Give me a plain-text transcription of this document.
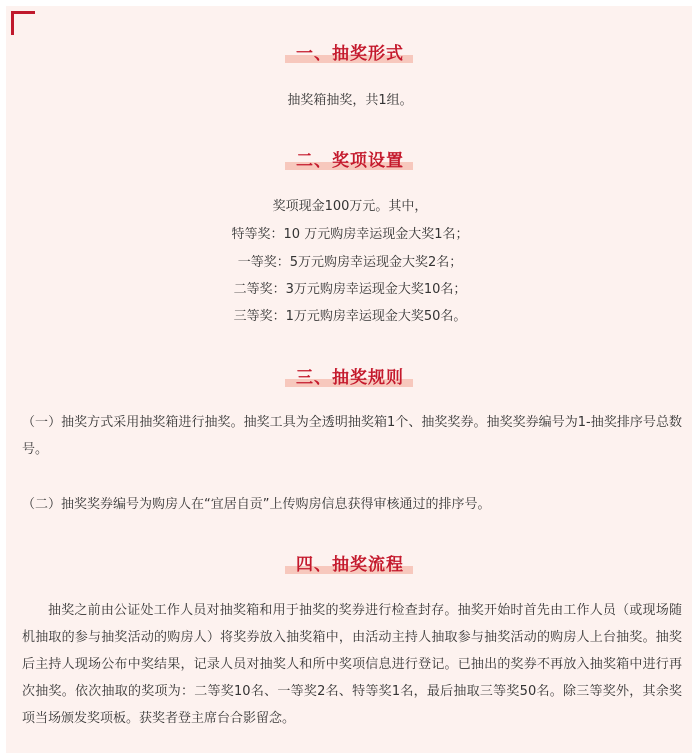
一、抽奖形式
抽奖箱抽奖，共1组。
二、奖项设置
奖项现金100万元。其中，
特等奖：10 万元购房幸运现金大奖1名；
一等奖：5万元购房幸运现金大奖2名；
二等奖：3万元购房幸运现金大奖10名；
三等奖：1万元购房幸运现金大奖50名。
三、抽奖规则
（一）抽奖方式采用抽奖箱进行抽奖。抽奖工具为全透明抽奖箱1个、抽奖奖券。抽奖奖券编号为1-抽奖排序号总数号。
（二）抽奖奖券编号为购房人在“宜居自贡”上传购房信息获得审核通过的排序号。
四、抽奖流程
抽奖之前由公证处工作人员对抽奖箱和用于抽奖的奖券进行检查封存。抽奖开始时首先由工作人员（或现场随机抽取的参与抽奖活动的购房人）将奖券放入抽奖箱中，由活动主持人抽取参与抽奖活动的购房人上台抽奖。抽奖后主持人现场公布中奖结果，记录人员对抽奖人和所中奖项信息进行登记。已抽出的奖券不再放入抽奖箱中进行再次抽奖。依次抽取的奖项为：二等奖10名、一等奖2名、特等奖1名，最后抽取三等奖50名。除三等奖外，其余奖项当场颁发奖项板。获奖者登主席台合影留念。
